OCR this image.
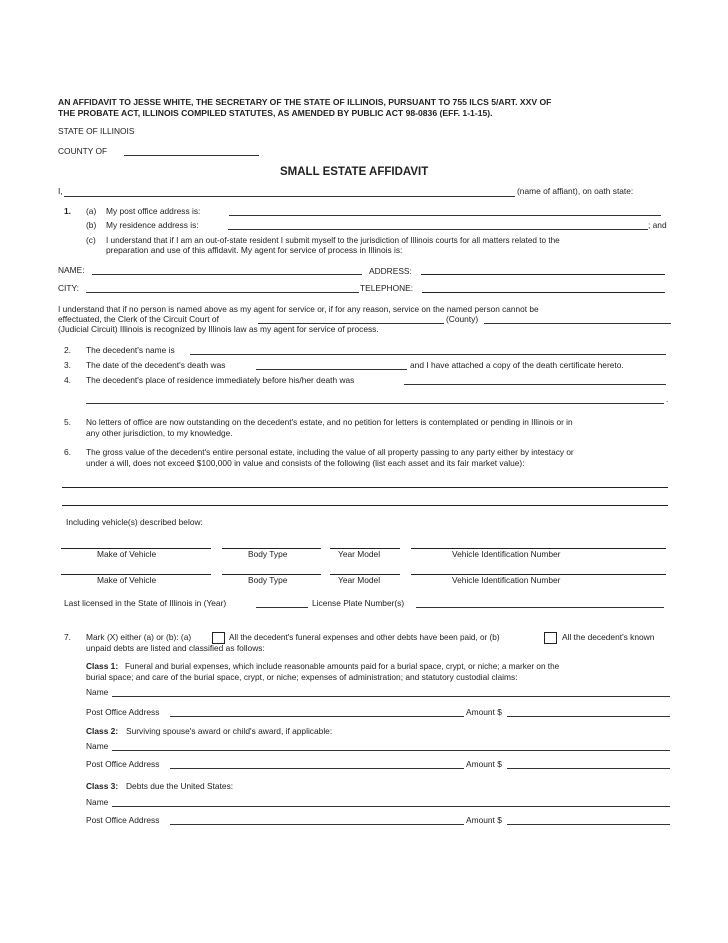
AN AFFIDAVIT TO JESSE WHITE, THE SECRETARY OF THE STATE OF ILLINOIS, PURSUANT TO 755 ILCS 5/ART. XXV OF
THE PROBATE ACT, ILLINOIS COMPILED STATUTES, AS AMENDED BY PUBLIC ACT 98-0836 (EFF. 1-1-15).
STATE OF ILLINOIS
COUNTY OF
SMALL ESTATE AFFIDAVIT
I,	(name of affiant), on oath state:
1. (a) My post office address is:
(b) My residence address is:	; and
(c) I understand that if I am an out-of-state resident I submit myself to the jurisdiction of Illinois courts for all matters related to the
preparation and use of this affidavit. My agent for service of process in Illinois is:
NAME:	ADDRESS:
CITY:	TELEPHONE:
I understand that if no person is named above as my agent for service or, if for any reason, service on the named person cannot be
effectuated, the Clerk of the Circuit Court of	(County)
(Judicial Circuit) Illinois is recognized by Illinois law as my agent for service of process.
2. The decedent's name is
3. The date of the decedent's death was	and I have attached a copy of the death certificate hereto.
4. The decedent's place of residence immediately before his/her death was
.
5. No letters of office are now outstanding on the decedent's estate, and no petition for letters is contemplated or pending in Illinois or in
any other jurisdiction, to my knowledge.
6. The gross value of the decedent's entire personal estate, including the value of all property passing to any party either by intestacy or
under a will, does not exceed $100,000 in value and consists of the following (list each asset and its fair market value):
Including vehicle(s) described below:
Make of Vehicle	Body Type	Year Model	Vehicle Identification Number
Make of Vehicle	Body Type	Year Model	Vehicle Identification Number
Last licensed in the State of Illinois in (Year)	License Plate Number(s)
7. Mark (X) either (a) or (b): (a)	All the decedent's funeral expenses and other debts have been paid, or (b)	All the decedent's known
unpaid debts are listed and classified as follows:
Class 1: Funeral and burial expenses, which include reasonable amounts paid for a burial space, crypt, or niche; a marker on the
burial space; and care of the burial space, crypt, or niche; expenses of administration; and statutory custodial claims:
Name
Post Office Address	Amount $
Class 2: Surviving spouse's award or child's award, if applicable:
Name
Post Office Address	Amount $
Class 3: Debts due the United States:
Name
Post Office Address	Amount $
